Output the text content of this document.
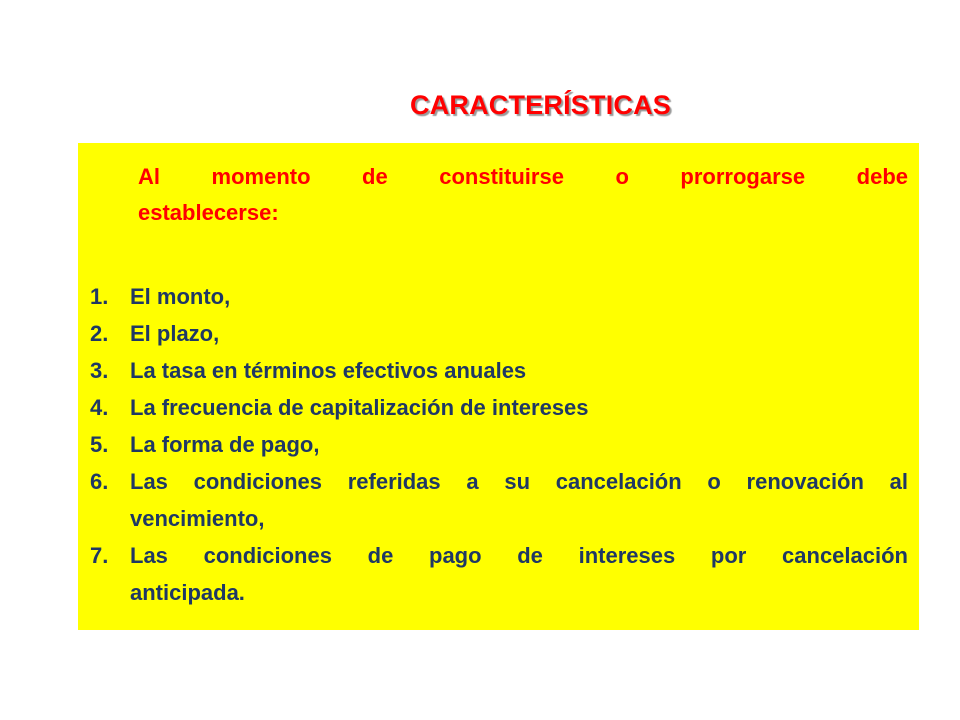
CARACTERÍSTICAS
Al momento de constituirse o prorrogarse debe
establecerse:
1. El monto,
2. El plazo,
3. La tasa en términos efectivos anuales
4. La frecuencia de capitalización de intereses
5. La forma de pago,
6. Las condiciones referidas a su cancelación o renovación al
vencimiento,
7. Las condiciones de pago de intereses por cancelación
anticipada.
